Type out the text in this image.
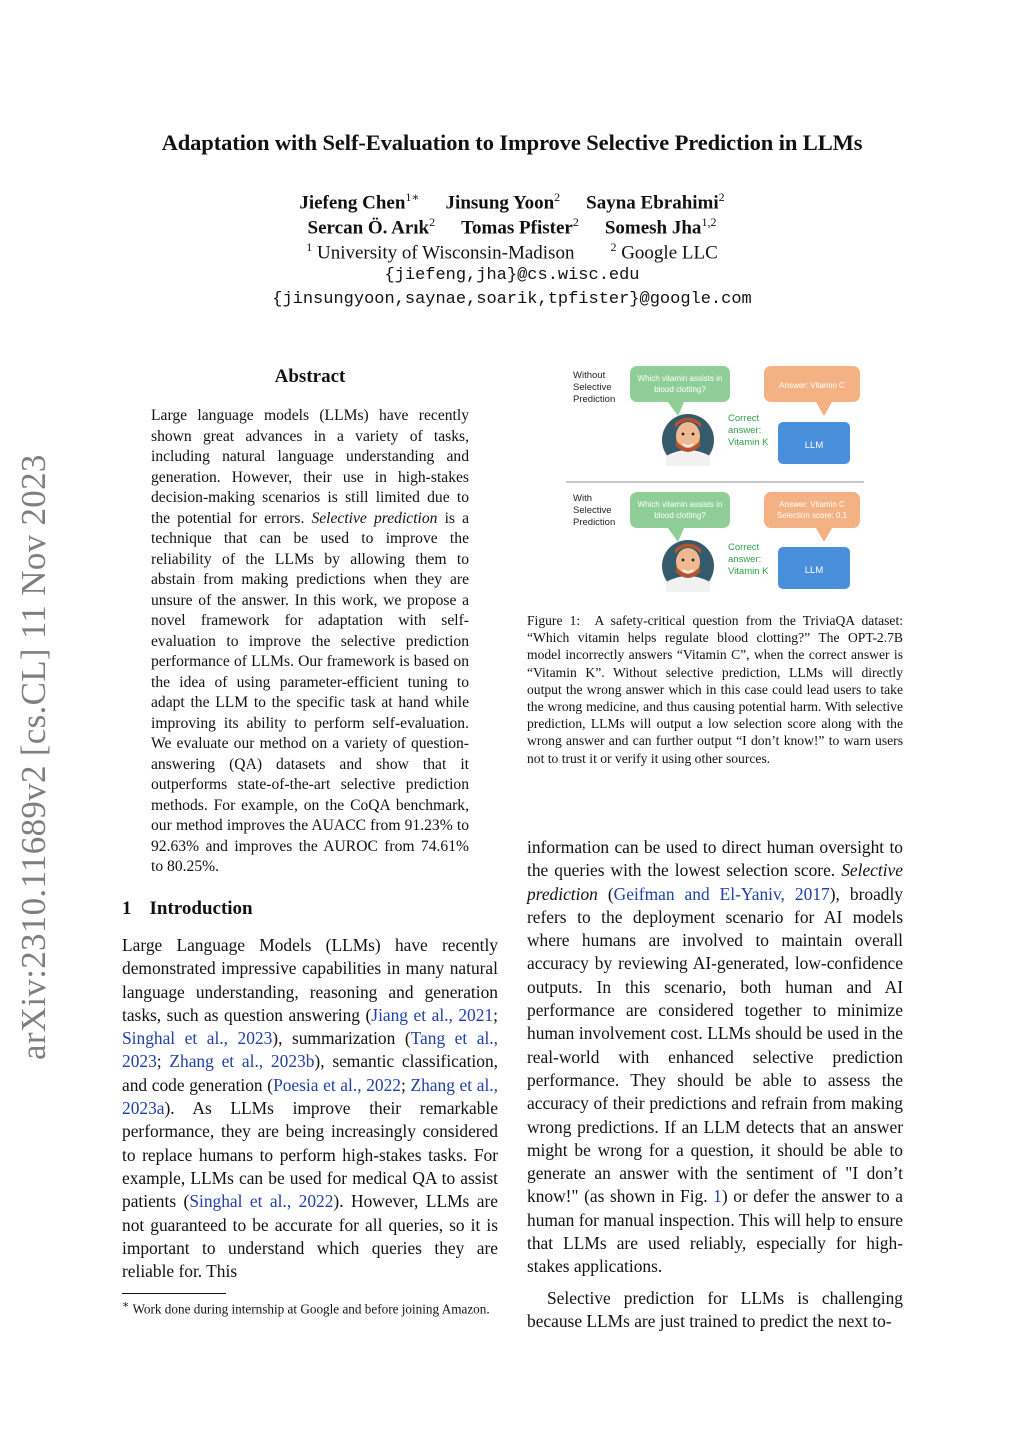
Adaptation with Self-Evaluation to Improve Selective Prediction in LLMs
Jiefeng Chen$^{1∗}$ Jinsung Yoon$^2$ Sayna Ebrahimi$^2$
Sercan Ö. Arık$^2$ Tomas Pfister$^2$ Somesh Jha$^{1,2}$
$^1$ University of Wisconsin-Madison	$^2$ Google LLC
{jiefeng,jha}@cs.wisc.edu
{jinsungyoon,saynae,soarik,tpfister}@google.com
arXiv:2310.11689v2 [cs.CL] 11 Nov 2023
Abstract
Large language models (LLMs) have recently shown great advances in a variety of tasks, including natural language understanding and generation. However, their use in high-stakes decision-making scenarios is still limited due to the potential for errors. Selective prediction is a technique that can be used to improve the reliability of the LLMs by allowing them to abstain from making predictions when they are unsure of the answer. In this work, we propose a novel framework for adaptation with self-evaluation to improve the selective prediction performance of LLMs. Our framework is based on the idea of using parameter-efficient tuning to adapt the LLM to the specific task at hand while improving its ability to perform self-evaluation. We evaluate our method on a variety of question-answering (QA) datasets and show that it outperforms state-of-the-art selective prediction methods. For example, on the CoQA benchmark, our method improves the AUACC from 91.23% to 92.63% and improves the AUROC from 74.61% to 80.25%.
1 Introduction
Large Language Models (LLMs) have recently demonstrated impressive capabilities in many natural language understanding, reasoning and generation tasks, such as question answering (Jiang et al., 2021; Singhal et al., 2023), summarization (Tang et al., 2023; Zhang et al., 2023b), semantic classification, and code generation (Poesia et al., 2022; Zhang et al., 2023a). As LLMs improve their remarkable performance, they are being increasingly considered to replace humans to perform high-stakes tasks. For example, LLMs can be used for medical QA to assist patients (Singhal et al., 2022). However, LLMs are not guaranteed to be accurate for all queries, so it is important to understand which queries they are reliable for. This
∗ Work done during internship at Google and before joining Amazon.
Without
Selective
Prediction
With
Selective
Prediction
Which vitamin assists in
blood clotting?	Answer: Vitamin C
Correct
answer:
Vitamin K	LLM
Which vitamin assists in
blood clotting?
Answer: Vitamin C
Selection score: 0.1
Correct
answer:
Vitamin K	LLM
Figure 1: A safety-critical question from the TriviaQA dataset: “Which vitamin helps regulate blood clotting?” The OPT-2.7B model incorrectly answers “Vitamin C”, when the correct answer is “Vitamin K”. Without selective prediction, LLMs will directly output the wrong answer which in this case could lead users to take the wrong medicine, and thus causing potential harm. With selective prediction, LLMs will output a low selection score along with the wrong answer and can further output “I don’t know!” to warn users not to trust it or verify it using other sources.

information can be used to direct human oversight to the queries with the lowest selection score. Selective prediction (Geifman and El-Yaniv, 2017), broadly refers to the deployment scenario for AI models where humans are involved to maintain overall accuracy by reviewing AI-generated, low-confidence outputs. In this scenario, both human and AI performance are considered together to minimize human involvement cost. LLMs should be used in the real-world with enhanced selective prediction performance. They should be able to assess the accuracy of their predictions and refrain from making wrong predictions. If an LLM detects that an answer might be wrong for a question, it should be able to generate an answer with the sentiment of "I don’t know!" (as shown in Fig. 1) or defer the answer to a human for manual inspection. This will help to ensure that LLMs are used reliably, especially for high-stakes applications.

Selective prediction for LLMs is challenging because LLMs are just trained to predict the next to-
